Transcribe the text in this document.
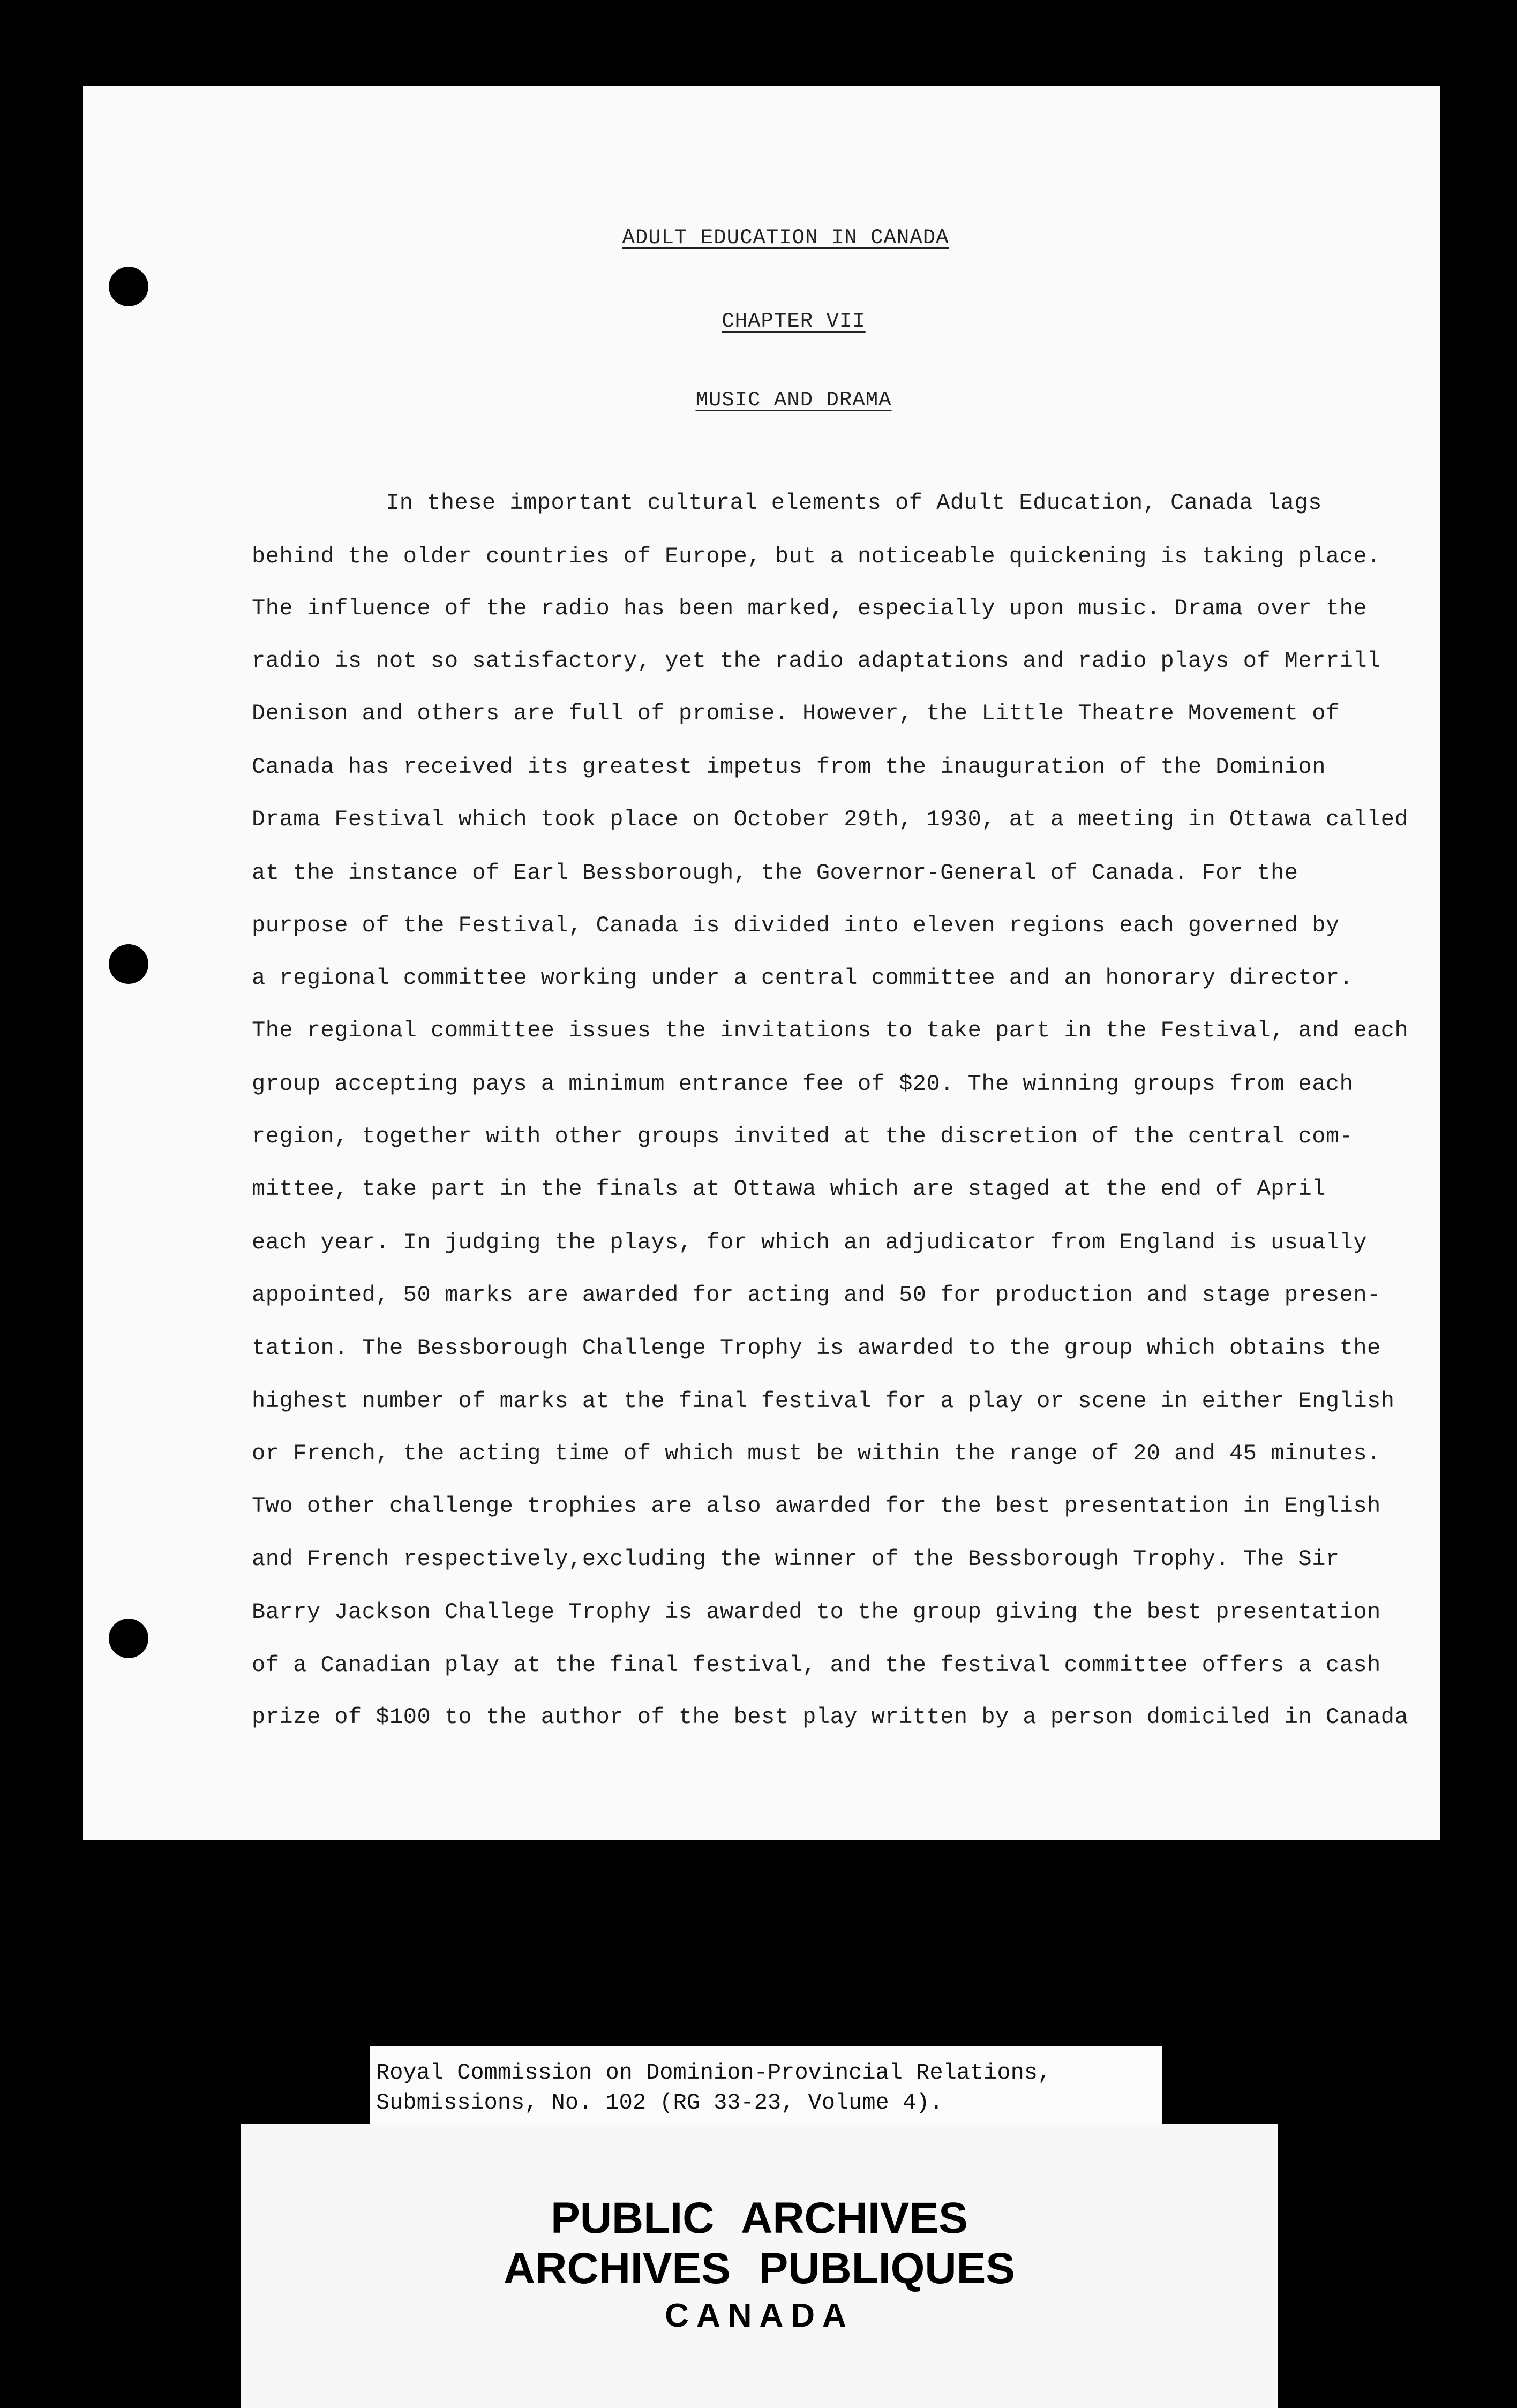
ADULT EDUCATION IN CANADA
CHAPTER VII
MUSIC AND DRAMA
In these important cultural elements of Adult Education, Canada lags
behind the older countries of Europe, but a noticeable quickening is taking place.
The influence of the radio has been marked, especially upon music. Drama over the
radio is not so satisfactory, yet the radio adaptations and radio plays of Merrill
Denison and others are full of promise. However, the Little Theatre Movement of
Canada has received its greatest impetus from the inauguration of the Dominion
Drama Festival which took place on October 29th, 1930, at a meeting in Ottawa called
at the instance of Earl Bessborough, the Governor-General of Canada. For the
purpose of the Festival, Canada is divided into eleven regions each governed by
a regional committee working under a central committee and an honorary director.
The regional committee issues the invitations to take part in the Festival, and each
group accepting pays a minimum entrance fee of $20. The winning groups from each
region, together with other groups invited at the discretion of the central com-
mittee, take part in the finals at Ottawa which are staged at the end of April
each year. In judging the plays, for which an adjudicator from England is usually
appointed, 50 marks are awarded for acting and 50 for production and stage presen-
tation. The Bessborough Challenge Trophy is awarded to the group which obtains the
highest number of marks at the final festival for a play or scene in either English
or French, the acting time of which must be within the range of 20 and 45 minutes.
Two other challenge trophies are also awarded for the best presentation in English
and French respectively,excluding the winner of the Bessborough Trophy. The Sir
Barry Jackson Challege Trophy is awarded to the group giving the best presentation
of a Canadian play at the final festival, and the festival committee offers a cash
prize of $100 to the author of the best play written by a person domiciled in Canada
Royal Commission on Dominion-Provincial Relations,
Submissions, No. 102 (RG 33-23, Volume 4).
PUBLIC ARCHIVES
ARCHIVES PUBLIQUES
CANADA
